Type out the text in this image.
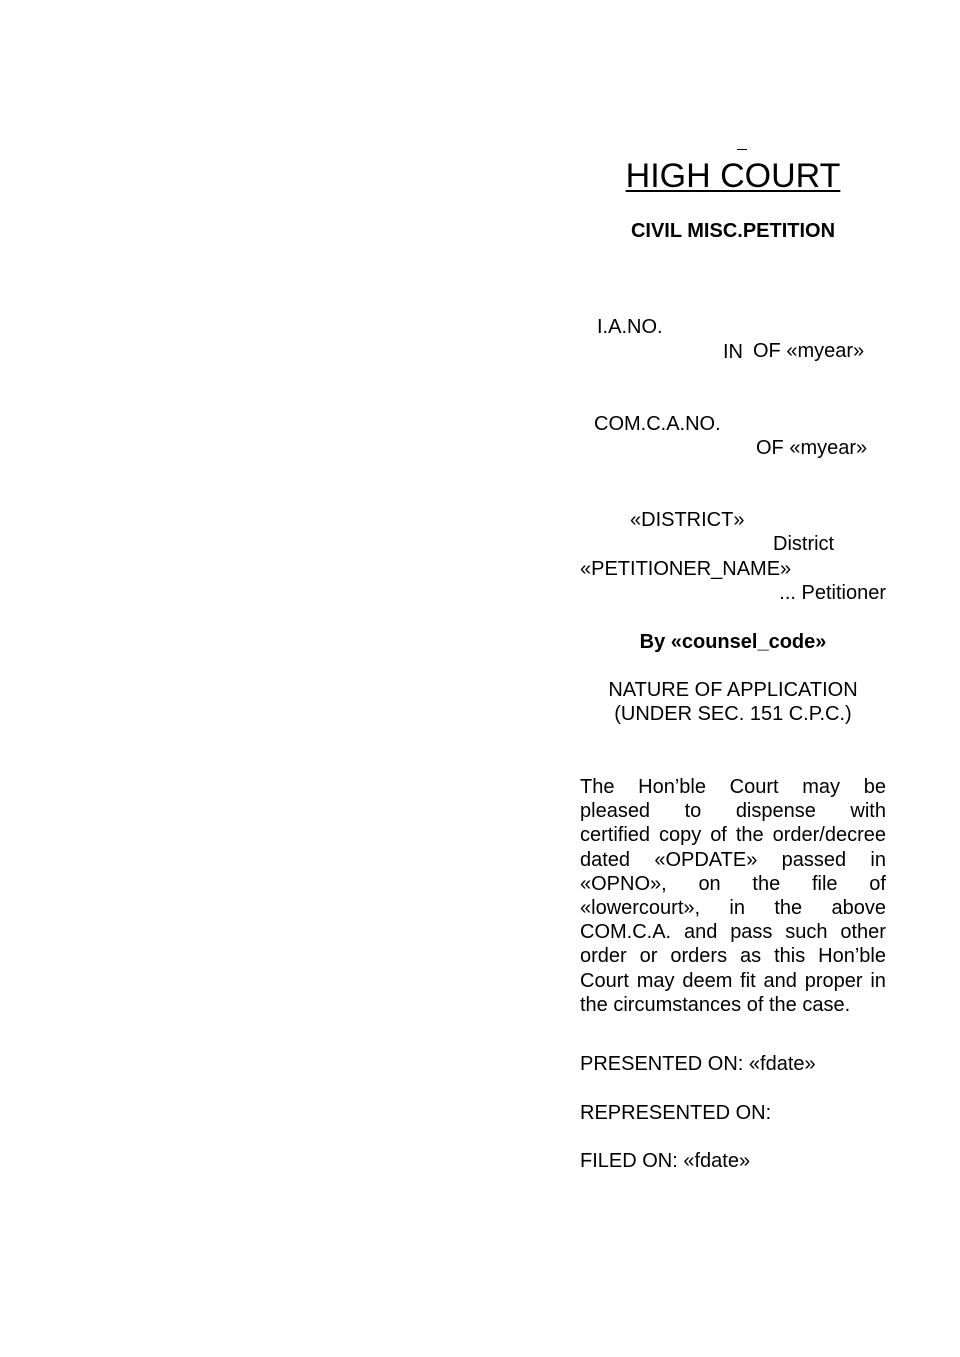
HIGH COURT
CIVIL MISC.PETITION

I.A.NO.

OF «myear»

IN

COM.C.A.NO.

OF «myear»

«DISTRICT»

District

«PETITIONER_NAME»
... Petitioner
By «counsel_code»
NATURE OF APPLICATION
(UNDER SEC. 151 C.P.C.)
The Hon’ble Court may be
pleased to dispense with
certified copy of the order/decree
dated «OPDATE» passed in
«OPNO», on the file of
«lowercourt», in the above
COM.C.A. and pass such other
order or orders as this Hon’ble
Court may deem fit and proper in
the circumstances of the case.
PRESENTED ON: «fdate»
REPRESENTED ON:
FILED ON: «fdate»
